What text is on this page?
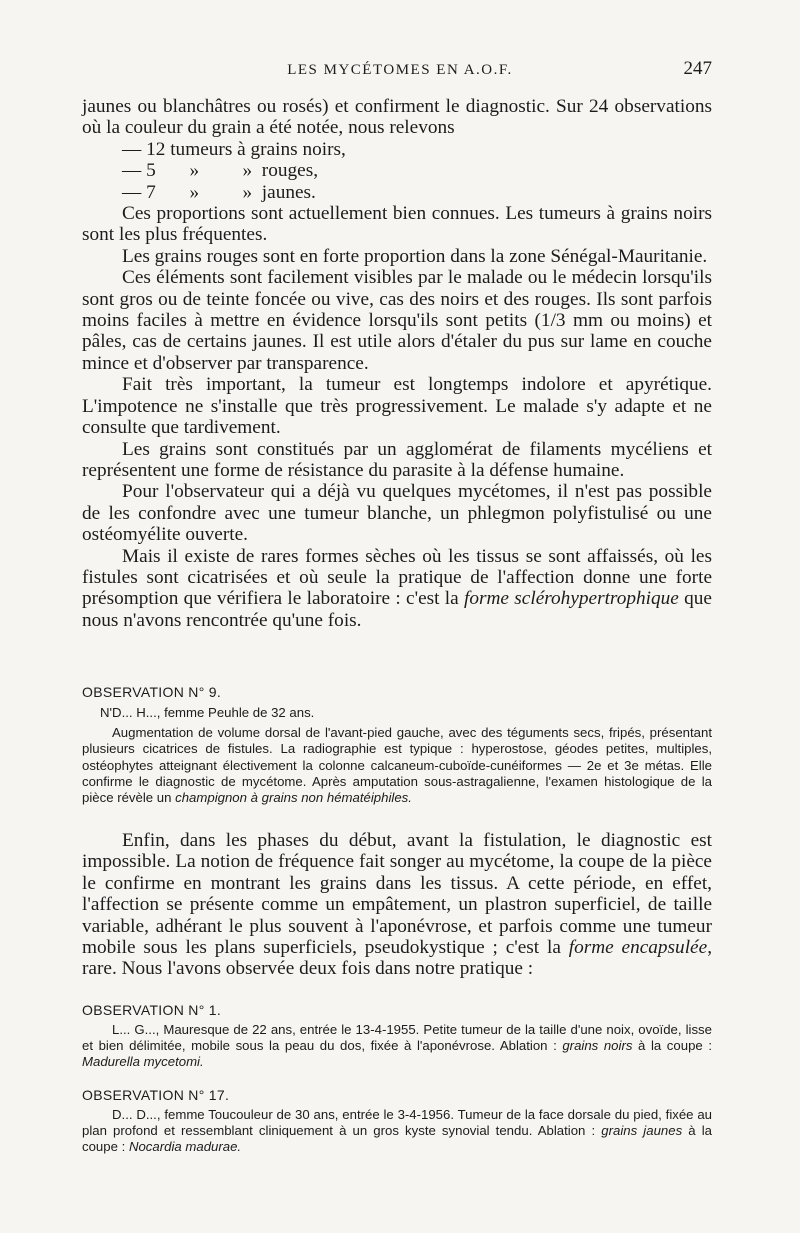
LES MYCÉTOMES EN A.O.F.	247

jaunes ou blanchâtres ou rosés) et confirment le diagnostic. Sur 24 observations où la couleur du grain a été notée, nous relevons

— 12 tumeurs à grains noirs,
— 5       »         »  rouges,
— 7       »         »  jaunes.

Ces proportions sont actuellement bien connues. Les tumeurs à grains noirs sont les plus fréquentes.

Les grains rouges sont en forte proportion dans la zone Sénégal-Mauritanie.

Ces éléments sont facilement visibles par le malade ou le médecin lorsqu'ils sont gros ou de teinte foncée ou vive, cas des noirs et des rouges. Ils sont parfois moins faciles à mettre en évidence lorsqu'ils sont petits (1/3 mm ou moins) et pâles, cas de certains jaunes. Il est utile alors d'étaler du pus sur lame en couche mince et d'observer par transparence.

Fait très important, la tumeur est longtemps indolore et apyrétique. L'impotence ne s'installe que très progressivement. Le malade s'y adapte et ne consulte que tardivement.

Les grains sont constitués par un agglomérat de filaments mycéliens et représentent une forme de résistance du parasite à la défense humaine.

Pour l'observateur qui a déjà vu quelques mycétomes, il n'est pas possible de les confondre avec une tumeur blanche, un phlegmon polyfistulisé ou une ostéomyélite ouverte.

Mais il existe de rares formes sèches où les tissus se sont affaissés, où les fistules sont cicatrisées et où seule la pratique de l'affection donne une forte présomption que vérifiera le laboratoire : c'est la forme sclérohypertrophique que nous n'avons rencontrée qu'une fois.

OBSERVATION N° 9.

N'D... H..., femme Peuhle de 32 ans.

Augmentation de volume dorsal de l'avant-pied gauche, avec des téguments secs, fripés, présentant plusieurs cicatrices de fistules. La radiographie est typique : hyperostose, géodes petites, multiples, ostéophytes atteignant électivement la colonne calcaneum-cuboïde-cunéiformes — 2e et 3e métas. Elle confirme le diagnostic de mycétome. Après amputation sous-astragalienne, l'examen histologique de la pièce révèle un champignon à grains non hématéiphiles.

Enfin, dans les phases du début, avant la fistulation, le diagnostic est impossible. La notion de fréquence fait songer au mycétome, la coupe de la pièce le confirme en montrant les grains dans les tissus. A cette période, en effet, l'affection se présente comme un empâtement, un plastron superficiel, de taille variable, adhérant le plus souvent à l'aponévrose, et parfois comme une tumeur mobile sous les plans superficiels, pseudokystique ; c'est la forme encapsulée, rare. Nous l'avons observée deux fois dans notre pratique :

OBSERVATION N° 1.

L... G..., Mauresque de 22 ans, entrée le 13-4-1955. Petite tumeur de la taille d'une noix, ovoïde, lisse et bien délimitée, mobile sous la peau du dos, fixée à l'aponévrose. Ablation : grains noirs à la coupe : Madurella mycetomi.

OBSERVATION N° 17.

D... D..., femme Toucouleur de 30 ans, entrée le 3-4-1956. Tumeur de la face dorsale du pied, fixée au plan profond et ressemblant cliniquement à un gros kyste synovial tendu. Ablation : grains jaunes à la coupe : Nocardia madurae.
